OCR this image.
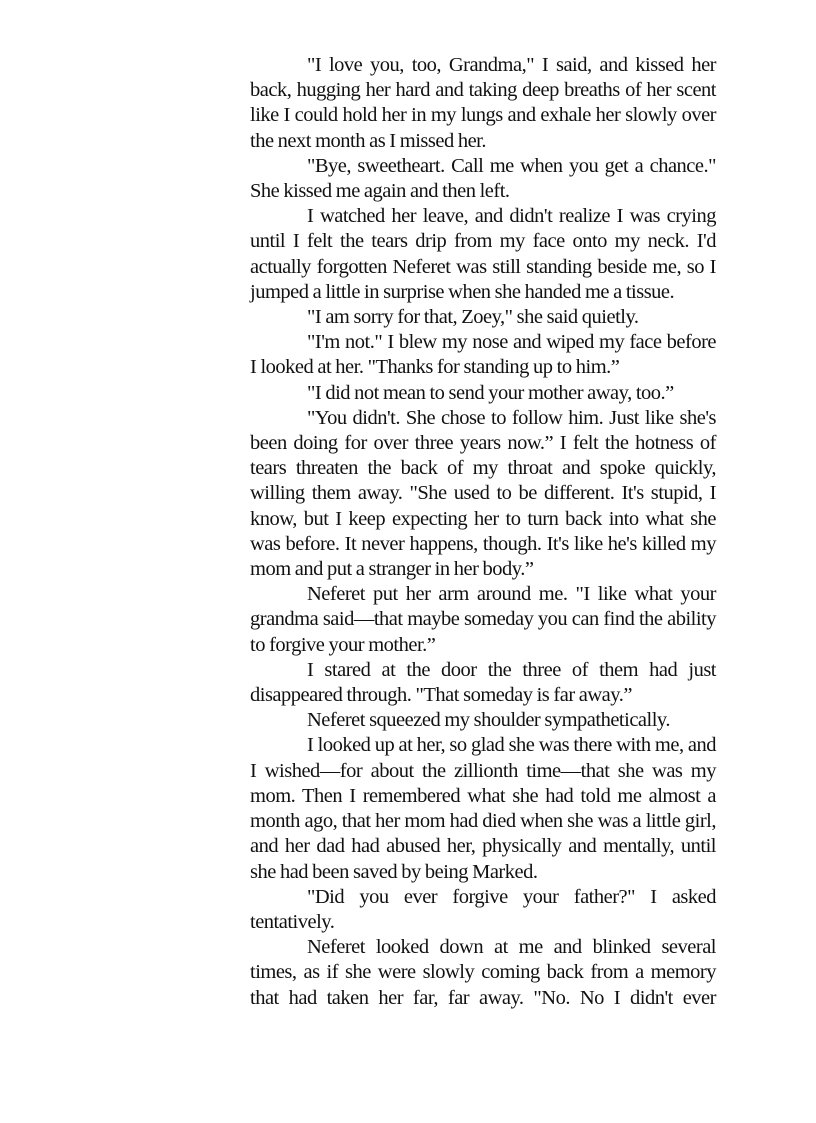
"I love you, too, Grandma," I said, and kissed her back, hugging her hard and taking deep breaths of her scent like I could hold her in my lungs and exhale her slowly over the next month as I missed her.

"Bye, sweetheart. Call me when you get a chance." She kissed me again and then left.

I watched her leave, and didn't realize I was crying until I felt the tears drip from my face onto my neck. I'd actually forgotten Neferet was still standing beside me, so I jumped a little in surprise when she handed me a tissue.

"I am sorry for that, Zoey," she said quietly.

"I'm not." I blew my nose and wiped my face before I looked at her. "Thanks for standing up to him.”

"I did not mean to send your mother away, too.”

"You didn't. She chose to follow him. Just like she's been doing for over three years now.” I felt the hotness of tears threaten the back of my throat and spoke quickly, willing them away. "She used to be different. It's stupid, I know, but I keep expecting her to turn back into what she was before. It never happens, though. It's like he's killed my mom and put a stranger in her body.”

Neferet put her arm around me. "I like what your grandma said—that maybe someday you can find the ability to forgive your mother.”

I stared at the door the three of them had just disappeared through. "That someday is far away.”

Neferet squeezed my shoulder sympathetically.

I looked up at her, so glad she was there with me, and I wished—for about the zillionth time—that she was my mom. Then I remembered what she had told me almost a month ago, that her mom had died when she was a little girl, and her dad had abused her, physically and mentally, until she had been saved by being Marked.

"Did you ever forgive your father?" I asked tentatively.

Neferet looked down at me and blinked several times, as if she were slowly coming back from a memory that had taken her far, far away. "No. No I didn't ever
